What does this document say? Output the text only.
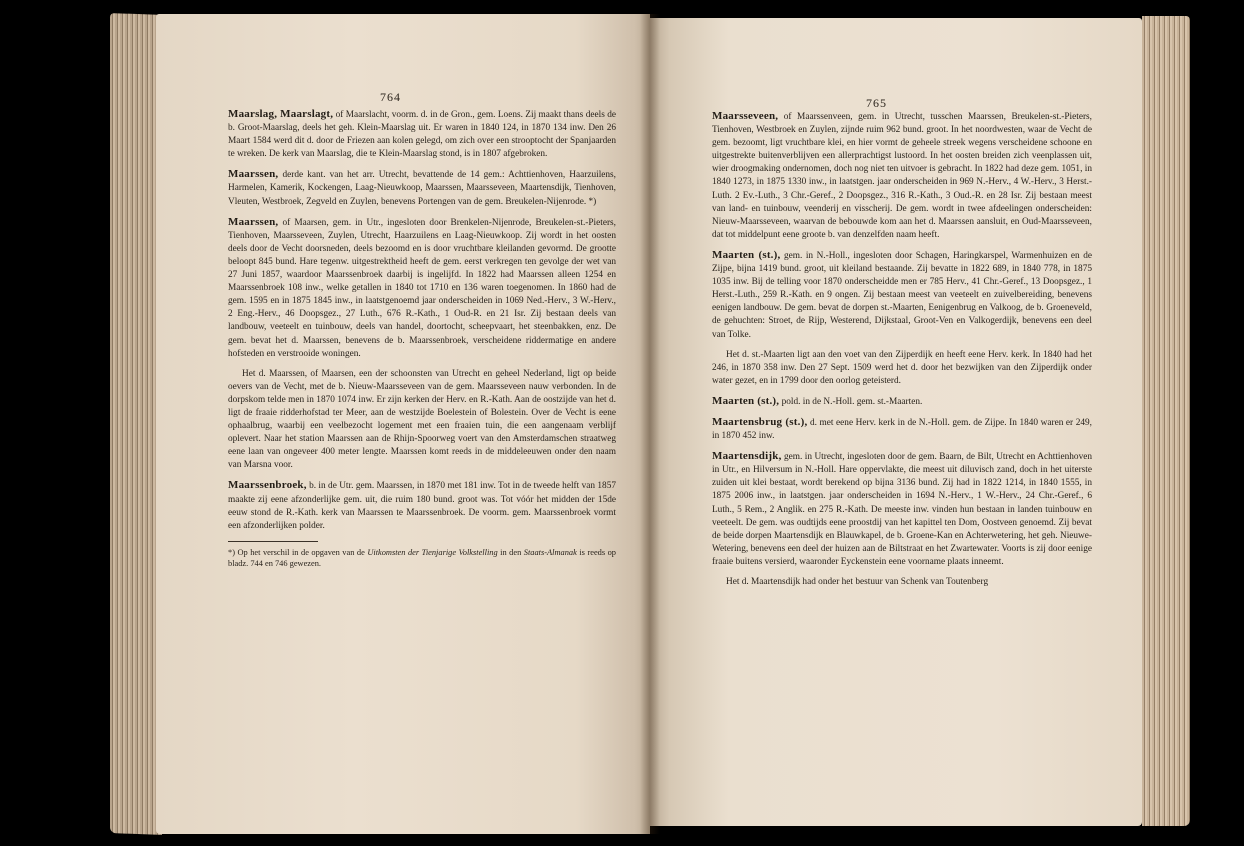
764

Maarslag, Maarslagt, of Maarslacht, voorm. d. in de Gron., gem. Loens. Zij maakt thans deels de b. Groot-Maarslag, deels het geh. Klein-Maarslag uit. Er waren in 1840 124, in 1870 134 inw. Den 26 Maart 1584 werd dit d. door de Friezen aan kolen gelegd, om zich over een strooptocht der Spanjaarden te wreken. De kerk van Maarslag, die te Klein-Maarslag stond, is in 1807 afgebroken.

Maarssen, derde kant. van het arr. Utrecht, bevattende de 14 gem.: Achttienhoven, Haarzuilens, Harmelen, Kamerik, Kockengen, Laag-Nieuwkoop, Maarssen, Maarsseveen, Maartensdijk, Tienhoven, Vleuten, Westbroek, Zegveld en Zuylen, benevens Portengen van de gem. Breukelen-Nijenrode. *)

Maarssen, of Maarsen, gem. in Utr., ingesloten door Brenkelen-Nijenrode, Breukelen-st.-Pieters, Tienhoven, Maarsseveen, Zuylen, Utrecht, Haarzuilens en Laag-Nieuwkoop. Zij wordt in het oosten deels door de Vecht doorsneden, deels bezoomd en is door vruchtbare kleilanden gevormd. De grootte beloopt 845 bund. Hare tegenw. uitgestrektheid heeft de gem. eerst verkregen ten gevolge der wet van 27 Juni 1857, waardoor Maarssenbroek daarbij is ingelijfd. In 1822 had Maarssen alleen 1254 en Maarssenbroek 108 inw., welke getallen in 1840 tot 1710 en 136 waren toegenomen. In 1860 had de gem. 1595 en in 1875 1845 inw., in laatstgenoemd jaar onderscheiden in 1069 Ned.-Herv., 3 W.-Herv., 2 Eng.-Herv., 46 Doopsgez., 27 Luth., 676 R.-Kath., 1 Oud-R. en 21 Isr. Zij bestaan deels van landbouw, veeteelt en tuinbouw, deels van handel, doortocht, scheepvaart, het steenbakken, enz. De gem. bevat het d. Maarssen, benevens de b. Maarssenbroek, verscheidene riddermatige en andere hofsteden en verstrooide woningen.

Het d. Maarssen, of Maarsen, een der schoonsten van Utrecht en geheel Nederland, ligt op beide oevers van de Vecht, met de b. Nieuw-Maarsseveen van de gem. Maarsseveen nauw verbonden. In de dorpskom telde men in 1870 1074 inw. Er zijn kerken der Herv. en R.-Kath. Aan de oostzijde van het d. ligt de fraaie ridderhofstad ter Meer, aan de westzijde Boelestein of Bolestein. Over de Vecht is eene ophaalbrug, waarbij een veelbezocht logement met een fraaien tuin, die een aangenaam verblijf oplevert. Naar het station Maarssen aan de Rhijn-Spoorweg voert van den Amsterdamschen straatweg eene laan van ongeveer 400 meter lengte. Maarssen komt reeds in de middeleeuwen onder den naam van Marsna voor.

Maarssenbroek, b. in de Utr. gem. Maarssen, in 1870 met 181 inw. Tot in de tweede helft van 1857 maakte zij eene afzonderlijke gem. uit, die ruim 180 bund. groot was. Tot vóór het midden der 15de eeuw stond de R.-Kath. kerk van Maarssen te Maarssenbroek. De voorm. gem. Maarssenbroek vormt een afzonderlijken polder.

*) Op het verschil in de opgaven van de Uitkomsten der Tienjarige Volkstelling in den Staats-Almanak is reeds op bladz. 744 en 746 gewezen.

765

Maarsseveen, of Maarssenveen, gem. in Utrecht, tusschen Maarssen, Breukelen-st.-Pieters, Tienhoven, Westbroek en Zuylen, zijnde ruim 962 bund. groot. In het noordwesten, waar de Vecht de gem. bezoomt, ligt vruchtbare klei, en hier vormt de geheele streek wegens verscheidene schoone en uitgestrekte buitenverblijven een allerprachtigst lustoord. In het oosten breiden zich veenplassen uit, wier droogmaking ondernomen, doch nog niet ten uitvoer is gebracht. In 1822 had deze gem. 1051, in 1840 1273, in 1875 1330 inw., in laatstgen. jaar onderscheiden in 969 N.-Herv., 4 W.-Herv., 3 Herst.-Luth. 2 Ev.-Luth., 3 Chr.-Geref., 2 Doopsgez., 316 R.-Kath., 3 Oud.-R. en 28 Isr. Zij bestaan meest van land- en tuinbouw, veenderij en visscherij. De gem. wordt in twee afdeelingen onderscheiden: Nieuw-Maarsseveen, waarvan de bebouwde kom aan het d. Maarssen aansluit, en Oud-Maarsseveen, dat tot middelpunt eene groote b. van denzelfden naam heeft.

Maarten (st.), gem. in N.-Holl., ingesloten door Schagen, Haringkarspel, Warmenhuizen en de Zijpe, bijna 1419 bund. groot, uit kleiland bestaande. Zij bevatte in 1822 689, in 1840 778, in 1875 1035 inw. Bij de telling voor 1870 onderscheidde men er 785 Herv., 41 Chr.-Geref., 13 Doopsgez., 1 Herst.-Luth., 259 R.-Kath. en 9 ongen. Zij bestaan meest van veeteelt en zuivelbereiding, benevens eenigen landbouw. De gem. bevat de dorpen st.-Maarten, Eenigenbrug en Valkoog, de b. Groeneveld, de gehuchten: Stroet, de Rijp, Westerend, Dijkstaal, Groot-Ven en Valkogerdijk, benevens een deel van Tolke.

Het d. st.-Maarten ligt aan den voet van den Zijperdijk en heeft eene Herv. kerk. In 1840 had het 246, in 1870 358 inw. Den 27 Sept. 1509 werd het d. door het bezwijken van den Zijperdijk onder water gezet, en in 1799 door den oorlog geteisterd.

Maarten (st.), pold. in de N.-Holl. gem. st.-Maarten.

Maartensbrug (st.), d. met eene Herv. kerk in de N.-Holl. gem. de Zijpe. In 1840 waren er 249, in 1870 452 inw.

Maartensdijk, gem. in Utrecht, ingesloten door de gem. Baarn, de Bilt, Utrecht en Achttienhoven in Utr., en Hilversum in N.-Holl. Hare oppervlakte, die meest uit diluvisch zand, doch in het uiterste zuiden uit klei bestaat, wordt berekend op bijna 3136 bund. Zij had in 1822 1214, in 1840 1555, in 1875 2006 inw., in laatstgen. jaar onderscheiden in 1694 N.-Herv., 1 W.-Herv., 24 Chr.-Geref., 6 Luth., 5 Rem., 2 Anglik. en 275 R.-Kath. De meeste inw. vinden hun bestaan in landen tuinbouw en veeteelt. De gem. was oudtijds eene proostdij van het kapittel ten Dom, Oostveen genoemd. Zij bevat de beide dorpen Maartensdijk en Blauwkapel, de b. Groene-Kan en Achterwetering, het geh. Nieuwe-Wetering, benevens een deel der huizen aan de Biltstraat en het Zwartewater. Voorts is zij door eenige fraaie buitens versierd, waaronder Eyckenstein eene voorname plaats inneemt.

Het d. Maartensdijk had onder het bestuur van Schenk van Toutenberg
